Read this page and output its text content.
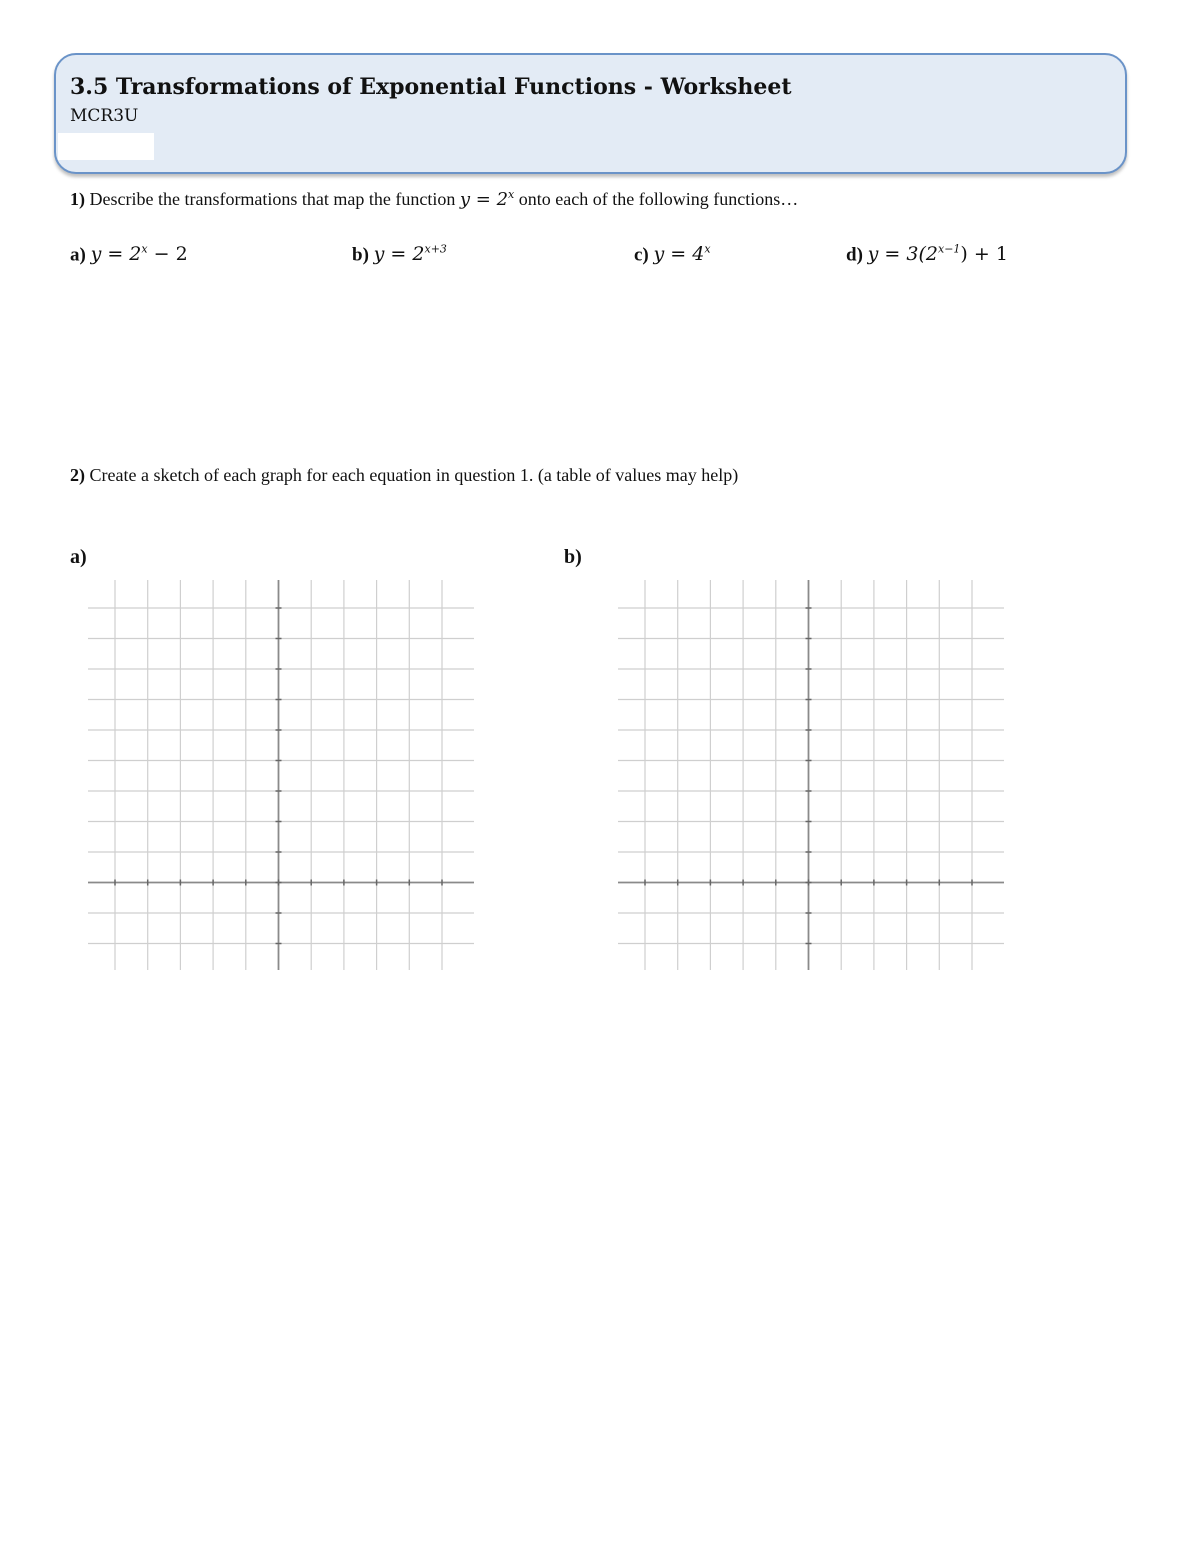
3.5 Transformations of Exponential Functions - Worksheet
MCR3U
1) Describe the transformations that map the function $y = 2^x$ onto each of the following functions…
a) $y = 2^x - 2$	b) $y = 2^{x+3}$	c) $y = 4^x$	d) $y = 3(2^{x-1}) + 1$
2) Create a sketch of each graph for each equation in question 1. (a table of values may help)
a)	b)
